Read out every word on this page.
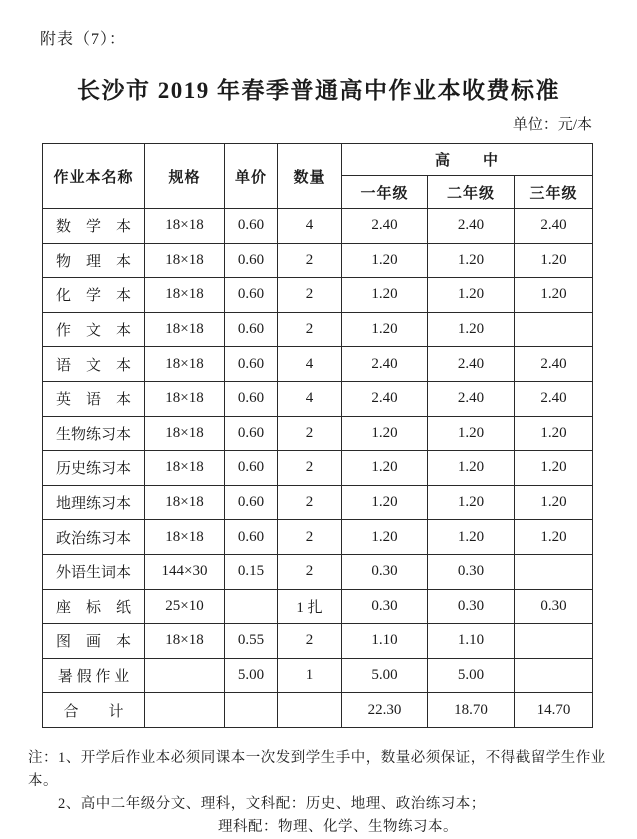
附表（7）：
长沙市 2019 年春季普通高中作业本收费标准
单位：元/本
作业本名称	规格	单价	数量	高　　中		
				一年级	二年级	三年级
数　学　本	18×18	0.60	4	2.40	2.40	2.40
物　理　本	18×18	0.60	2	1.20	1.20	1.20
化　学　本	18×18	0.60	2	1.20	1.20	1.20
作　文　本	18×18	0.60	2	1.20	1.20	
语　文　本	18×18	0.60	4	2.40	2.40	2.40
英　语　本	18×18	0.60	4	2.40	2.40	2.40
生物练习本	18×18	0.60	2	1.20	1.20	1.20
历史练习本	18×18	0.60	2	1.20	1.20	1.20
地理练习本	18×18	0.60	2	1.20	1.20	1.20
政治练习本	18×18	0.60	2	1.20	1.20	1.20
外语生词本	144×30	0.15	2	0.30	0.30	
座　标　纸	25×10		1 扎	0.30	0.30	0.30
图　画　本	18×18	0.55	2	1.10	1.10	
暑 假 作 业		5.00	1	5.00	5.00	
合　　计				22.30	18.70	14.70
注：1、开学后作业本必须同课本一次发到学生手中，数量必须保证，不得截留学生作业本。
2、高中二年级分文、理科，文科配：历史、地理、政治练习本；
理科配：物理、化学、生物练习本。
